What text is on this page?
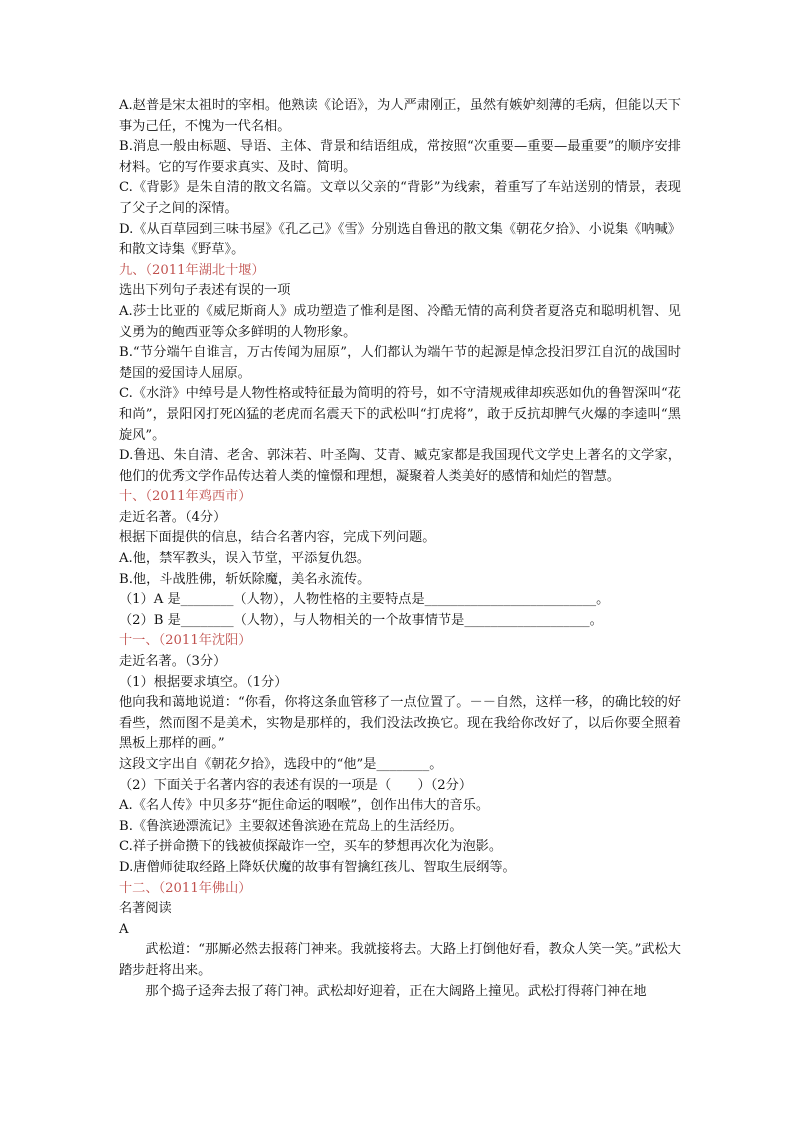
A.赵普是宋太祖时的宰相。他熟读《论语》，为人严肃刚正，虽然有嫉妒刻薄的毛病，但能以天下事为己任，不愧为一代名相。

B.消息一般由标题、导语、主体、背景和结语组成，常按照“次重要—重要—最重要”的顺序安排材料。它的写作要求真实、及时、简明。

C.《背影》是朱自清的散文名篇。文章以父亲的“背影”为线索，着重写了车站送别的情景，表现了父子之间的深情。

D.《从百草园到三味书屋》《孔乙己》《雪》分别选自鲁迅的散文集《朝花夕拾》、小说集《呐喊》和散文诗集《野草》。

九、（2011年湖北十堰）

选出下列句子表述有误的一项

A.莎士比亚的《威尼斯商人》成功塑造了惟利是图、冷酷无情的高利贷者夏洛克和聪明机智、见义勇为的鲍西亚等众多鲜明的人物形象。

B.“节分端午自谁言，万古传闻为屈原”，人们都认为端午节的起源是悼念投汨罗江自沉的战国时楚国的爱国诗人屈原。

C.《水浒》中绰号是人物性格或特征最为简明的符号，如不守清规戒律却疾恶如仇的鲁智深叫“花和尚”，景阳冈打死凶猛的老虎而名震天下的武松叫“打虎将”，敢于反抗却脾气火爆的李逵叫“黑旋风”。

D.鲁迅、朱自清、老舍、郭沫若、叶圣陶、艾青、臧克家都是我国现代文学史上著名的文学家，他们的优秀文学作品传达着人类的憧憬和理想，凝聚着人类美好的感情和灿烂的智慧。

十、（2011年鸡西市）

走近名著。（4分）

根据下面提供的信息，结合名著内容，完成下列问题。

A.他，禁军教头，误入节堂，平添复仇怨。

B.他，斗战胜佛，斩妖除魔，美名永流传。

（1）A 是________（人物），人物性格的主要特点是__________________________。

（2）B 是________（人物），与人物相关的一个故事情节是___________________。

十一、（2011年沈阳）

走近名著。（3分）

（1）根据要求填空。（1分）

他向我和蔼地说道：“你看，你将这条血管移了一点位置了。－－自然，这样一移，的确比较的好看些，然而图不是美术，实物是那样的，我们没法改换它。现在我给你改好了，以后你要全照着黑板上那样的画。”

这段文字出自《朝花夕拾》，选段中的“他”是________。

（2）下面关于名著内容的表述有误的一项是（　　）（2分）

A.《名人传》中贝多芬“扼住命运的咽喉”，创作出伟大的音乐。

B.《鲁滨逊漂流记》主要叙述鲁滨逊在荒岛上的生活经历。

C.祥子拼命攒下的钱被侦探敲诈一空，买车的梦想再次化为泡影。

D.唐僧师徒取经路上降妖伏魔的故事有智擒红孩儿、智取生辰纲等。

十二、（2011年佛山）

名著阅读

A

武松道：“那厮必然去报蒋门神来。我就接将去。大路上打倒他好看，教众人笑一笑。”武松大踏步赶将出来。

那个捣子迳奔去报了蒋门神。武松却好迎着，正在大阔路上撞见。武松打得蒋门神在地
